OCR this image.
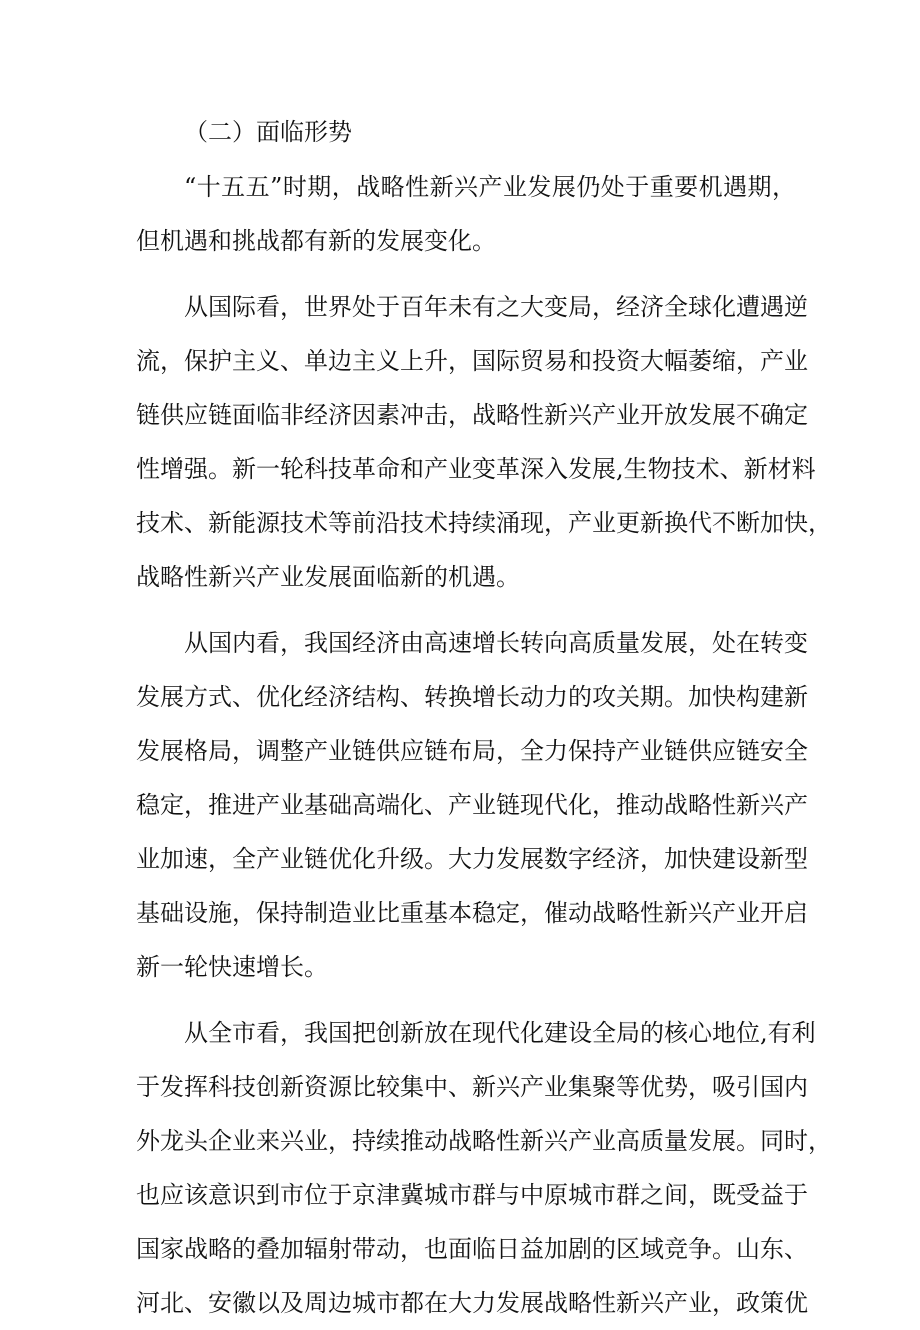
（二）面临形势
“十五五”时期，战略性新兴产业发展仍处于重要机遇期，
但机遇和挑战都有新的发展变化。
从国际看，世界处于百年未有之大变局，经济全球化遭遇逆
流，保护主义、单边主义上升，国际贸易和投资大幅萎缩，产业
链供应链面临非经济因素冲击，战略性新兴产业开放发展不确定
性增强。新一轮科技革命和产业变革深入发展,生物技术、新材料
技术、新能源技术等前沿技术持续涌现，产业更新换代不断加快，
战略性新兴产业发展面临新的机遇。
从国内看，我国经济由高速增长转向高质量发展，处在转变
发展方式、优化经济结构、转换增长动力的攻关期。加快构建新
发展格局，调整产业链供应链布局，全力保持产业链供应链安全
稳定，推进产业基础高端化、产业链现代化，推动战略性新兴产
业加速，全产业链优化升级。大力发展数字经济，加快建设新型
基础设施，保持制造业比重基本稳定，催动战略性新兴产业开启
新一轮快速增长。
从全市看，我国把创新放在现代化建设全局的核心地位,有利
于发挥科技创新资源比较集中、新兴产业集聚等优势，吸引国内
外龙头企业来兴业，持续推动战略性新兴产业高质量发展。同时，
也应该意识到市位于京津冀城市群与中原城市群之间，既受益于
国家战略的叠加辐射带动，也面临日益加剧的区域竞争。山东、
河北、安徽以及周边城市都在大力发展战略性新兴产业，政策优
